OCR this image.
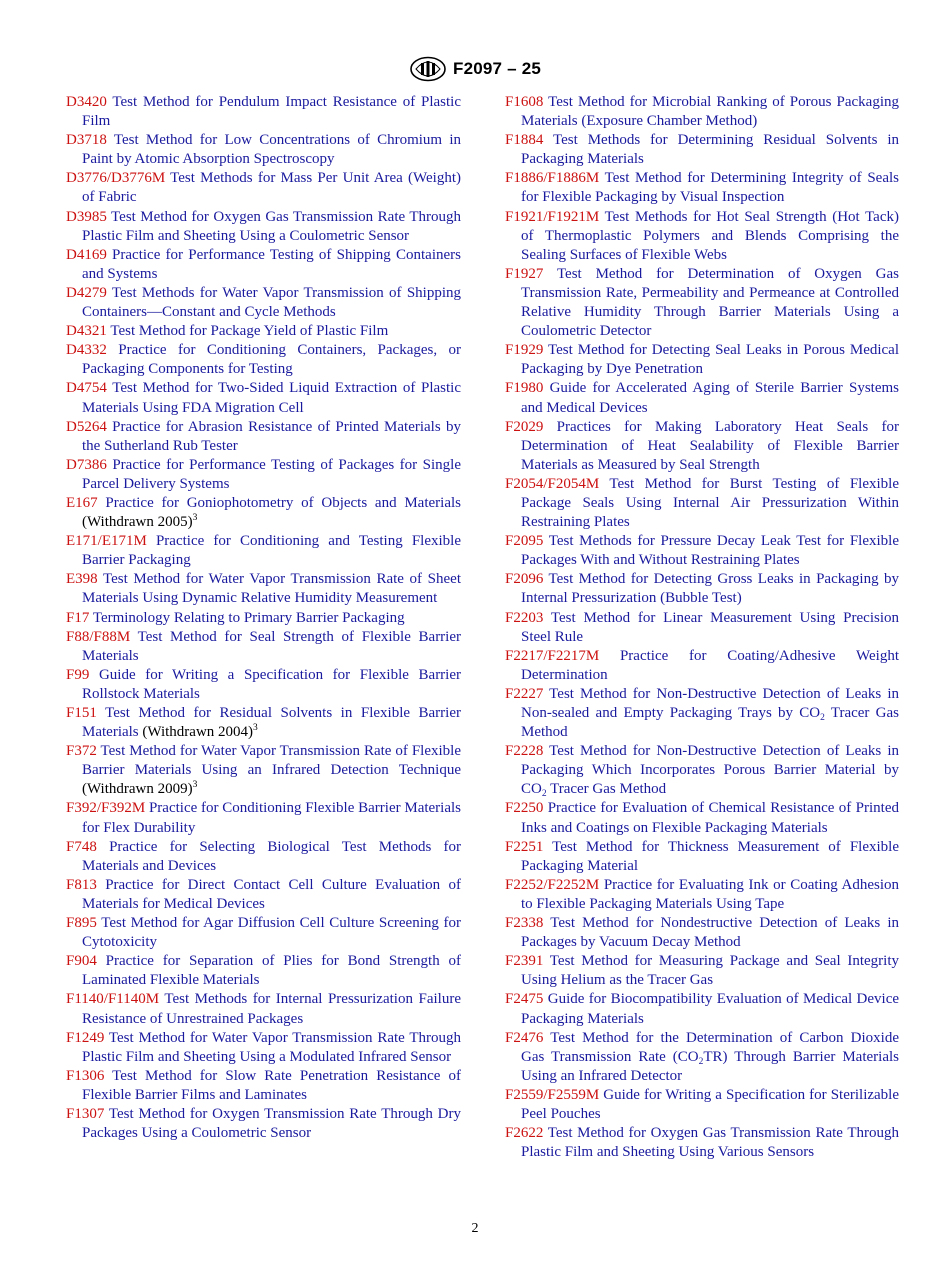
F2097 – 25

D3420 Test Method for Pendulum Impact Resistance of Plastic Film

D3718 Test Method for Low Concentrations of Chromium in Paint by Atomic Absorption Spectroscopy

D3776/D3776M Test Methods for Mass Per Unit Area (Weight) of Fabric

D3985 Test Method for Oxygen Gas Transmission Rate Through Plastic Film and Sheeting Using a Coulometric Sensor

D4169 Practice for Performance Testing of Shipping Containers and Systems

D4279 Test Methods for Water Vapor Transmission of Shipping Containers—Constant and Cycle Methods

D4321 Test Method for Package Yield of Plastic Film

D4332 Practice for Conditioning Containers, Packages, or Packaging Components for Testing

D4754 Test Method for Two-Sided Liquid Extraction of Plastic Materials Using FDA Migration Cell

D5264 Practice for Abrasion Resistance of Printed Materials by the Sutherland Rub Tester

D7386 Practice for Performance Testing of Packages for Single Parcel Delivery Systems

E167 Practice for Goniophotometry of Objects and Materials (Withdrawn 2005)$^3$

E171/E171M Practice for Conditioning and Testing Flexible Barrier Packaging

E398 Test Method for Water Vapor Transmission Rate of Sheet Materials Using Dynamic Relative Humidity Measurement

F17 Terminology Relating to Primary Barrier Packaging

F88/F88M Test Method for Seal Strength of Flexible Barrier Materials

F99 Guide for Writing a Specification for Flexible Barrier Rollstock Materials

F151 Test Method for Residual Solvents in Flexible Barrier Materials (Withdrawn 2004)$^3$

F372 Test Method for Water Vapor Transmission Rate of Flexible Barrier Materials Using an Infrared Detection Technique (Withdrawn 2009)$^3$

F392/F392M Practice for Conditioning Flexible Barrier Materials for Flex Durability

F748 Practice for Selecting Biological Test Methods for Materials and Devices

F813 Practice for Direct Contact Cell Culture Evaluation of Materials for Medical Devices

F895 Test Method for Agar Diffusion Cell Culture Screening for Cytotoxicity

F904 Practice for Separation of Plies for Bond Strength of Laminated Flexible Materials

F1140/F1140M Test Methods for Internal Pressurization Failure Resistance of Unrestrained Packages

F1249 Test Method for Water Vapor Transmission Rate Through Plastic Film and Sheeting Using a Modulated Infrared Sensor

F1306 Test Method for Slow Rate Penetration Resistance of Flexible Barrier Films and Laminates

F1307 Test Method for Oxygen Transmission Rate Through Dry Packages Using a Coulometric Sensor

F1608 Test Method for Microbial Ranking of Porous Packaging Materials (Exposure Chamber Method)

F1884 Test Methods for Determining Residual Solvents in Packaging Materials

F1886/F1886M Test Method for Determining Integrity of Seals for Flexible Packaging by Visual Inspection

F1921/F1921M Test Methods for Hot Seal Strength (Hot Tack) of Thermoplastic Polymers and Blends Comprising the Sealing Surfaces of Flexible Webs

F1927 Test Method for Determination of Oxygen Gas Transmission Rate, Permeability and Permeance at Controlled Relative Humidity Through Barrier Materials Using a Coulometric Detector

F1929 Test Method for Detecting Seal Leaks in Porous Medical Packaging by Dye Penetration

F1980 Guide for Accelerated Aging of Sterile Barrier Systems and Medical Devices

F2029 Practices for Making Laboratory Heat Seals for Determination of Heat Sealability of Flexible Barrier Materials as Measured by Seal Strength

F2054/F2054M Test Method for Burst Testing of Flexible Package Seals Using Internal Air Pressurization Within Restraining Plates

F2095 Test Methods for Pressure Decay Leak Test for Flexible Packages With and Without Restraining Plates

F2096 Test Method for Detecting Gross Leaks in Packaging by Internal Pressurization (Bubble Test)

F2203 Test Method for Linear Measurement Using Precision Steel Rule

F2217/F2217M Practice for Coating/Adhesive Weight Determination

F2227 Test Method for Non-Destructive Detection of Leaks in Non-sealed and Empty Packaging Trays by $CO_2$ Tracer Gas Method

F2228 Test Method for Non-Destructive Detection of Leaks in Packaging Which Incorporates Porous Barrier Material by $CO_2$ Tracer Gas Method

F2250 Practice for Evaluation of Chemical Resistance of Printed Inks and Coatings on Flexible Packaging Materials

F2251 Test Method for Thickness Measurement of Flexible Packaging Material

F2252/F2252M Practice for Evaluating Ink or Coating Adhesion to Flexible Packaging Materials Using Tape

F2338 Test Method for Nondestructive Detection of Leaks in Packages by Vacuum Decay Method

F2391 Test Method for Measuring Package and Seal Integrity Using Helium as the Tracer Gas

F2475 Guide for Biocompatibility Evaluation of Medical Device Packaging Materials

F2476 Test Method for the Determination of Carbon Dioxide Gas Transmission Rate $(CO_2TR)$ Through Barrier Materials Using an Infrared Detector

F2559/F2559M Guide for Writing a Specification for Sterilizable Peel Pouches

F2622 Test Method for Oxygen Gas Transmission Rate Through Plastic Film and Sheeting Using Various Sensors

2
